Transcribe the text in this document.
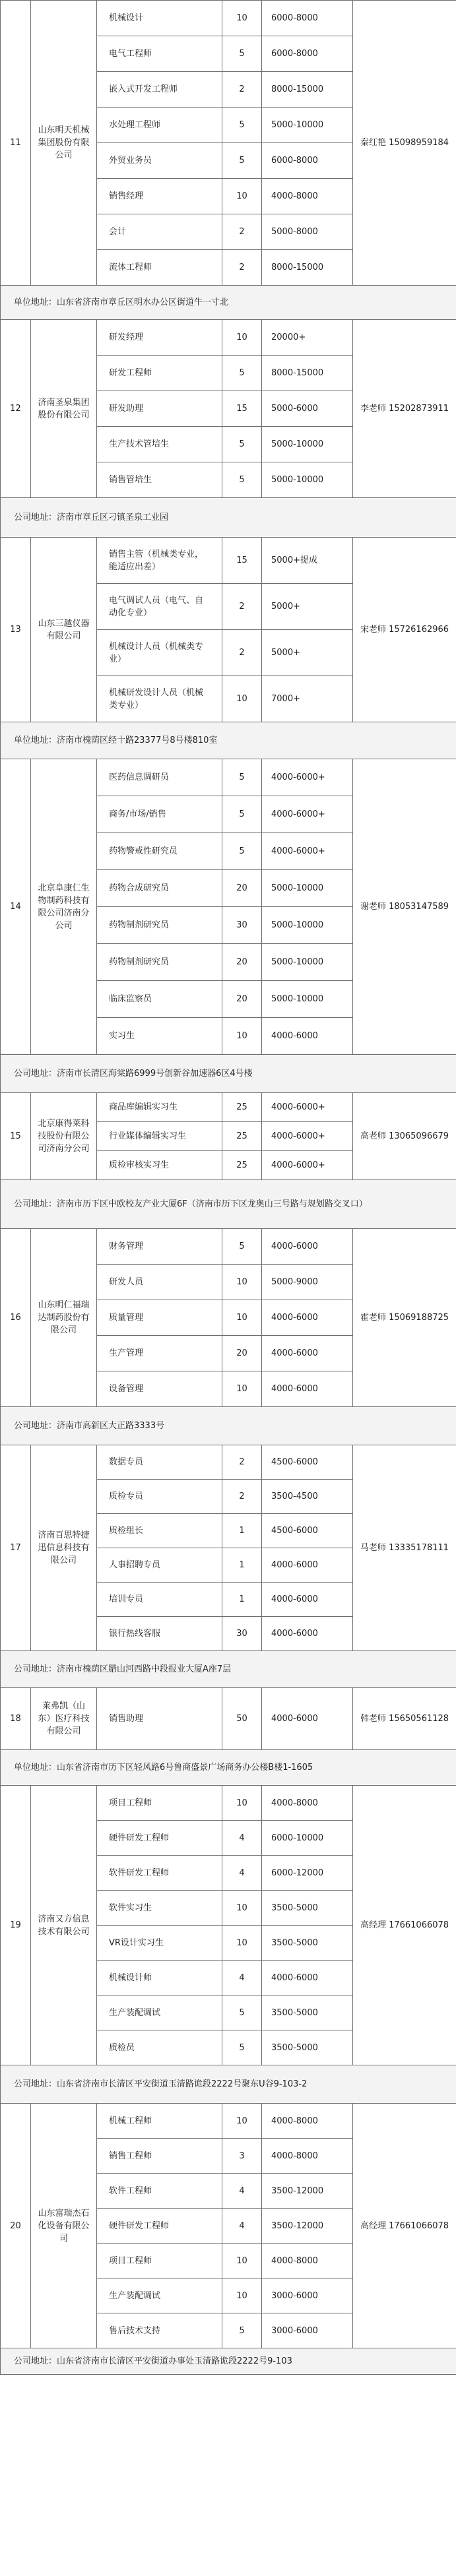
11	山东明天机械集团股份有限公司	机械设计	10	6000-8000	秦红艳 15098959184
		电气工程师	5	6000-8000	
		嵌入式开发工程师	2	8000-15000	
		水处理工程师	5	5000-10000	
		外贸业务员	5	6000-8000	
		销售经理	10	4000-8000	
		会计	2	5000-8000	
		流体工程师	2	8000-15000	
单位地址：山东省济南市章丘区明水办公区街道牛一寸北					
12	济南圣泉集团股份有限公司	研发经理	10	20000+	李老师 15202873911
		研发工程师	5	8000-15000	
		研发助理	15	5000-6000	
		生产技术管培生	5	5000-10000	
		销售管培生	5	5000-10000	
公司地址：济南市章丘区刁镇圣泉工业园					
13	山东三越仪器有限公司	销售主管（机械类专业，能适应出差）	15	5000+提成	宋老师 15726162966
		电气调试人员（电气、自动化专业）	2	5000+	
		机械设计人员（机械类专业）	2	5000+	
		机械研发设计人员（机械类专业）	10	7000+	
单位地址：济南市槐荫区经十路23377号8号楼810室					
14	北京阜康仁生物制药科技有限公司济南分公司	医药信息调研员	5	4000-6000+	谢老师 18053147589
		商务/市场/销售	5	4000-6000+	
		药物警戒性研究员	5	4000-6000+	
		药物合成研究员	20	5000-10000	
		药物制剂研究员	30	5000-10000	
		药物制剂研究员	20	5000-10000	
		临床监察员	20	5000-10000	
		实习生	10	4000-6000	
公司地址：济南市长清区海棠路6999号创新谷加速器6区4号楼					
15	北京康得莱科技股份有限公司济南分公司	商品库编辑实习生	25	4000-6000+	高老师 13065096679
		行业媒体编辑实习生	25	4000-6000+	
		质检审核实习生	25	4000-6000+	
公司地址：济南市历下区中欧校友产业大厦6F（济南市历下区龙奥山三号路与规划路交叉口）					
16	山东明仁福瑞达制药股份有限公司	财务管理	5	4000-6000	霍老师 15069188725
		研发人员	10	5000-9000	
		质量管理	10	4000-6000	
		生产管理	20	4000-6000	
		设备管理	10	4000-6000	
公司地址：济南市高新区大正路3333号					
17	济南百思特捷迅信息科技有限公司	数据专员	2	4500-6000	马老师 13335178111
		质检专员	2	3500-4500	
		质检组长	1	4500-6000	
		人事招聘专员	1	4000-6000	
		培训专员	1	4000-6000	
		银行热线客服	30	4000-6000	
公司地址：济南市槐荫区腊山河西路中段报业大厦A座7层					
18	莱弗凯（山东）医疗科技有限公司	销售助理	50	4000-6000	韩老师 15650561128
单位地址：山东省济南市历下区轻风路6号鲁商盛景广场商务办公楼B楼1-1605					
19	济南又方信息技术有限公司	项目工程师	10	4000-8000	高经理 17661066078
		硬件研发工程师	4	6000-10000	
		软件研发工程师	4	6000-12000	
		软件实习生	10	3500-5000	
		VR设计实习生	10	3500-5000	
		机械设计师	4	4000-6000	
		生产装配调试	5	3500-5000	
		质检员	5	3500-5000	
公司地址：山东省济南市长清区平安街道玉清路诡段2222号聚东U谷9-103-2					
20	山东富瑞杰石化设备有限公司	机械工程师	10	4000-8000	高经理 17661066078
		销售工程师	3	4000-8000	
		软件工程师	4	3500-12000	
		硬件研发工程师	4	3500-12000	
		项目工程师	10	4000-8000	
		生产装配调试	10	3000-6000	
		售后技术支持	5	3000-6000	
公司地址：山东省济南市长清区平安街道办事处玉清路诡段2222号9-103					
